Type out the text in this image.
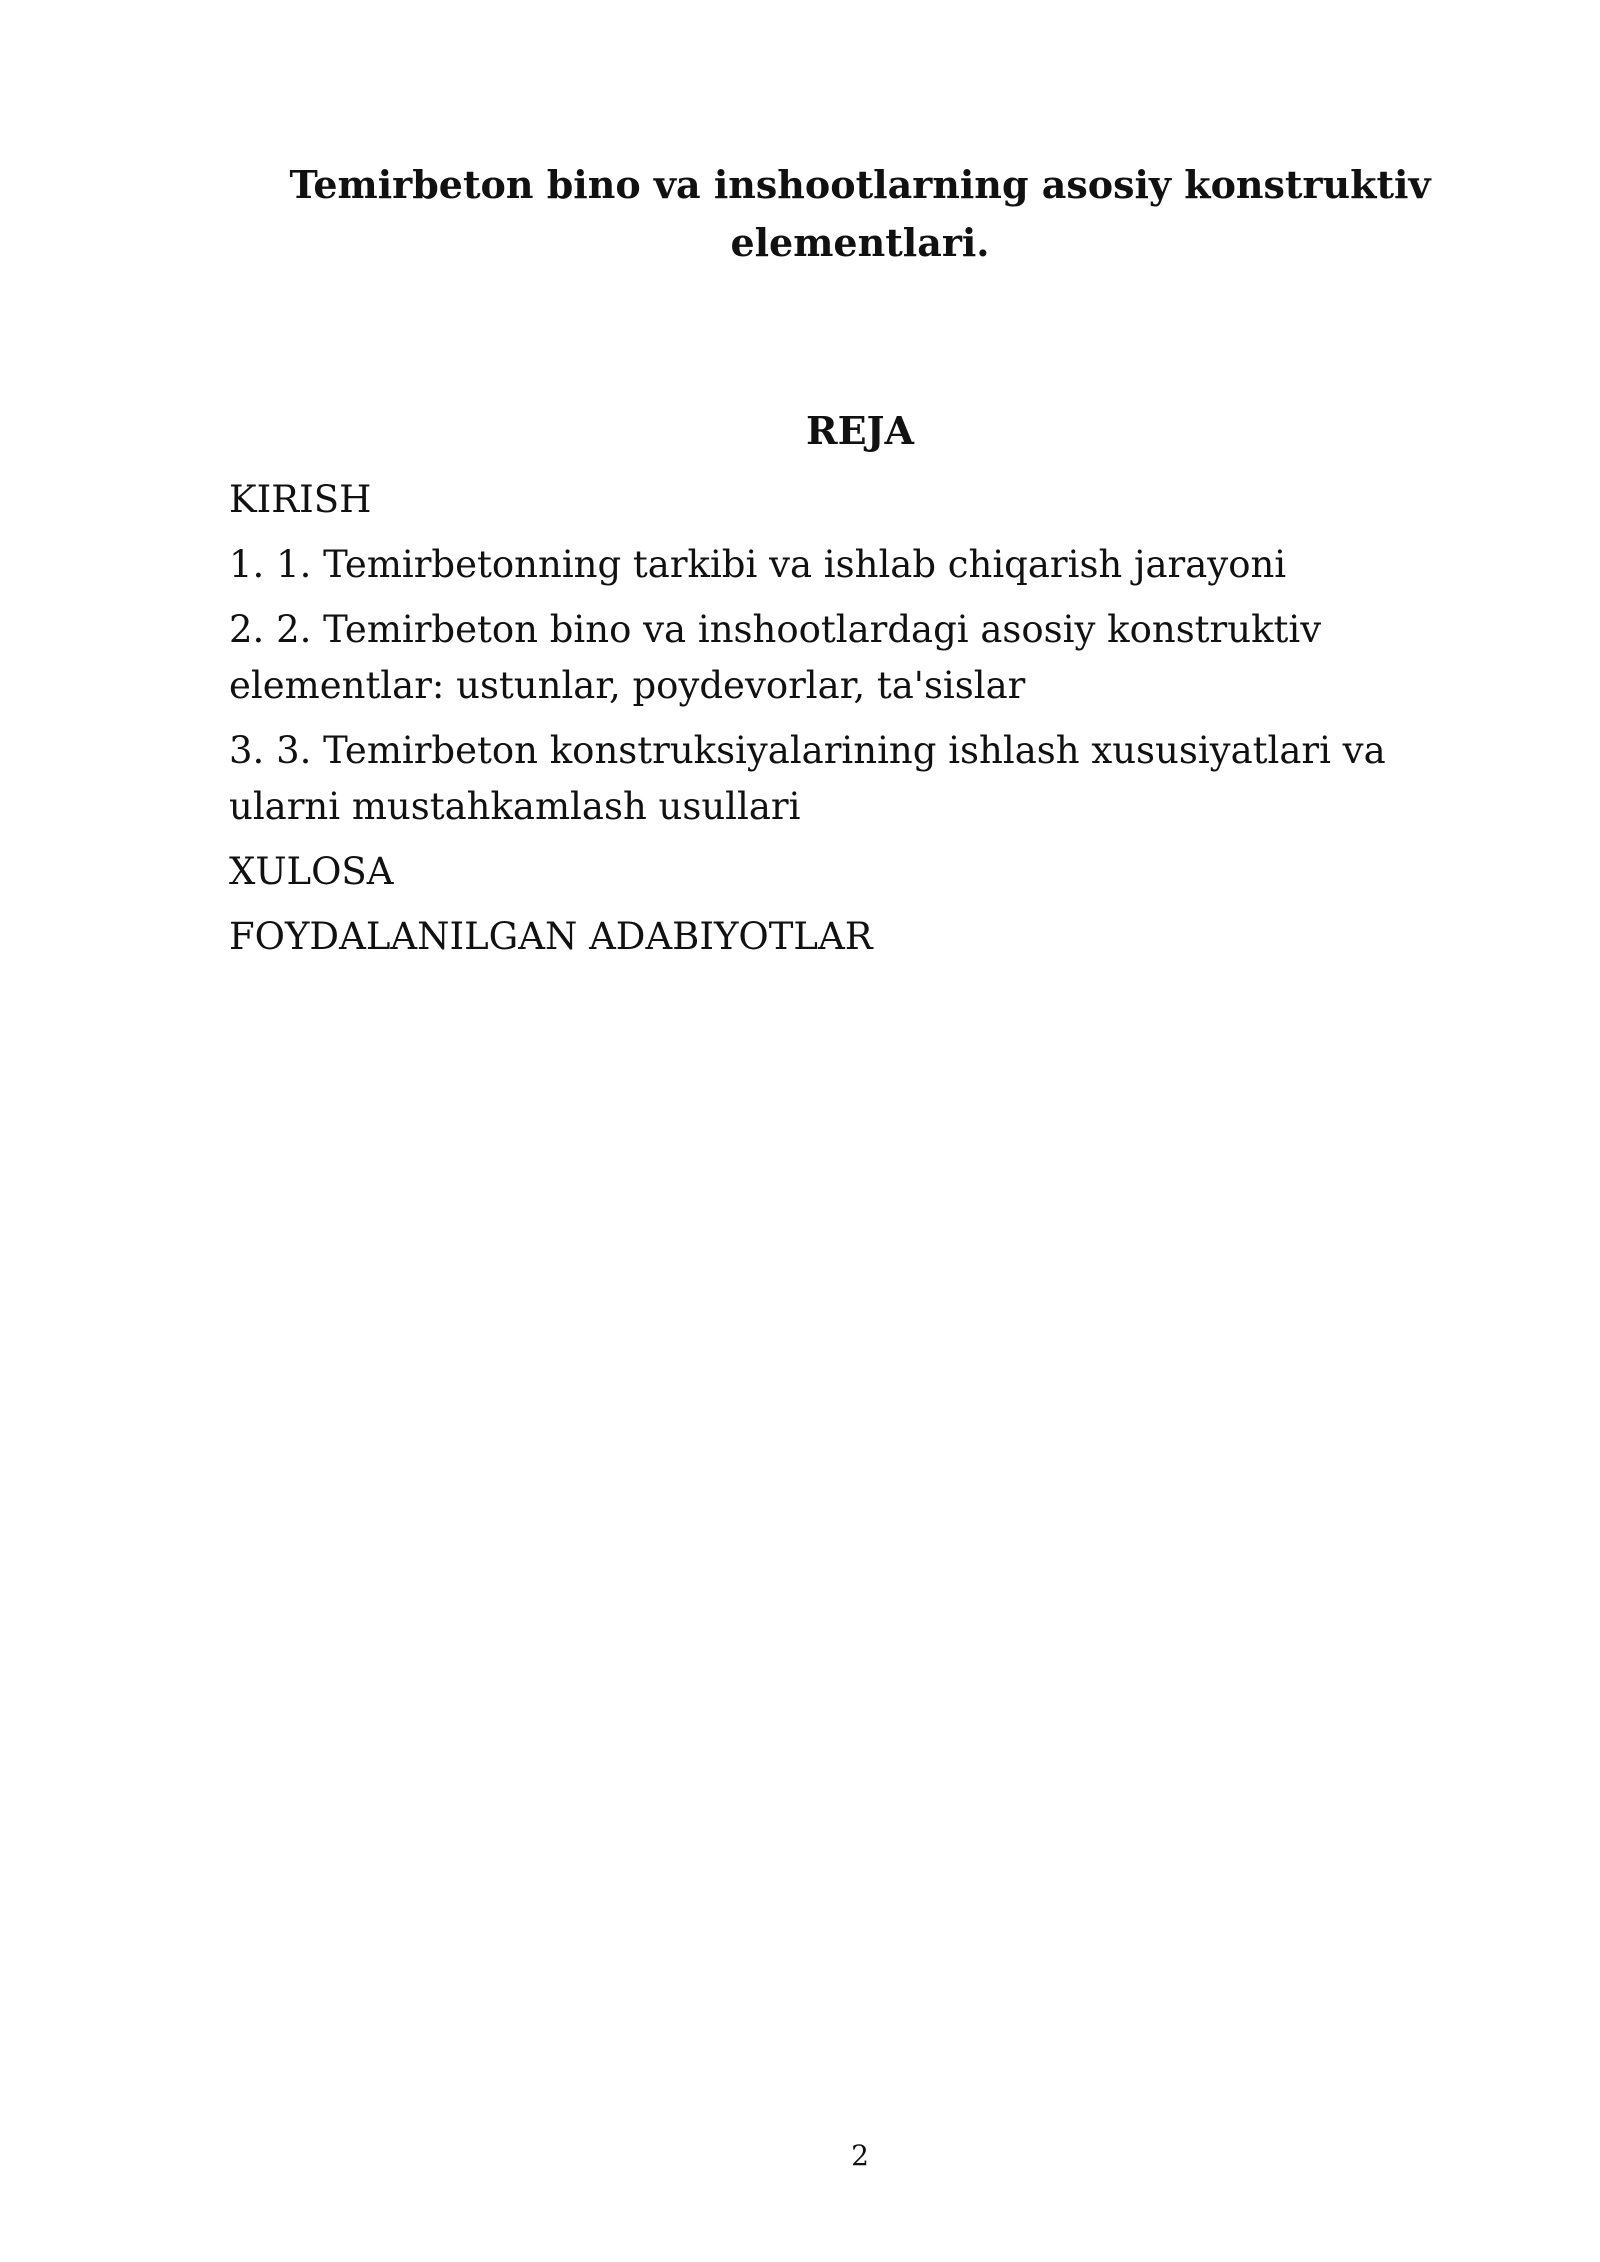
Temirbeton bino va inshootlarning asosiy konstruktiv elementlari.
REJA
KIRISH
1. 1. Temirbetonning tarkibi va ishlab chiqarish jarayoni
2. 2. Temirbeton bino va inshootlardagi asosiy konstruktiv elementlar: ustunlar, poydevorlar, ta'sislar
3. 3. Temirbeton konstruksiyalarining ishlash xususiyatlari va ularni mustahkamlash usullari
XULOSA
FOYDALANILGAN ADABIYOTLAR
2
